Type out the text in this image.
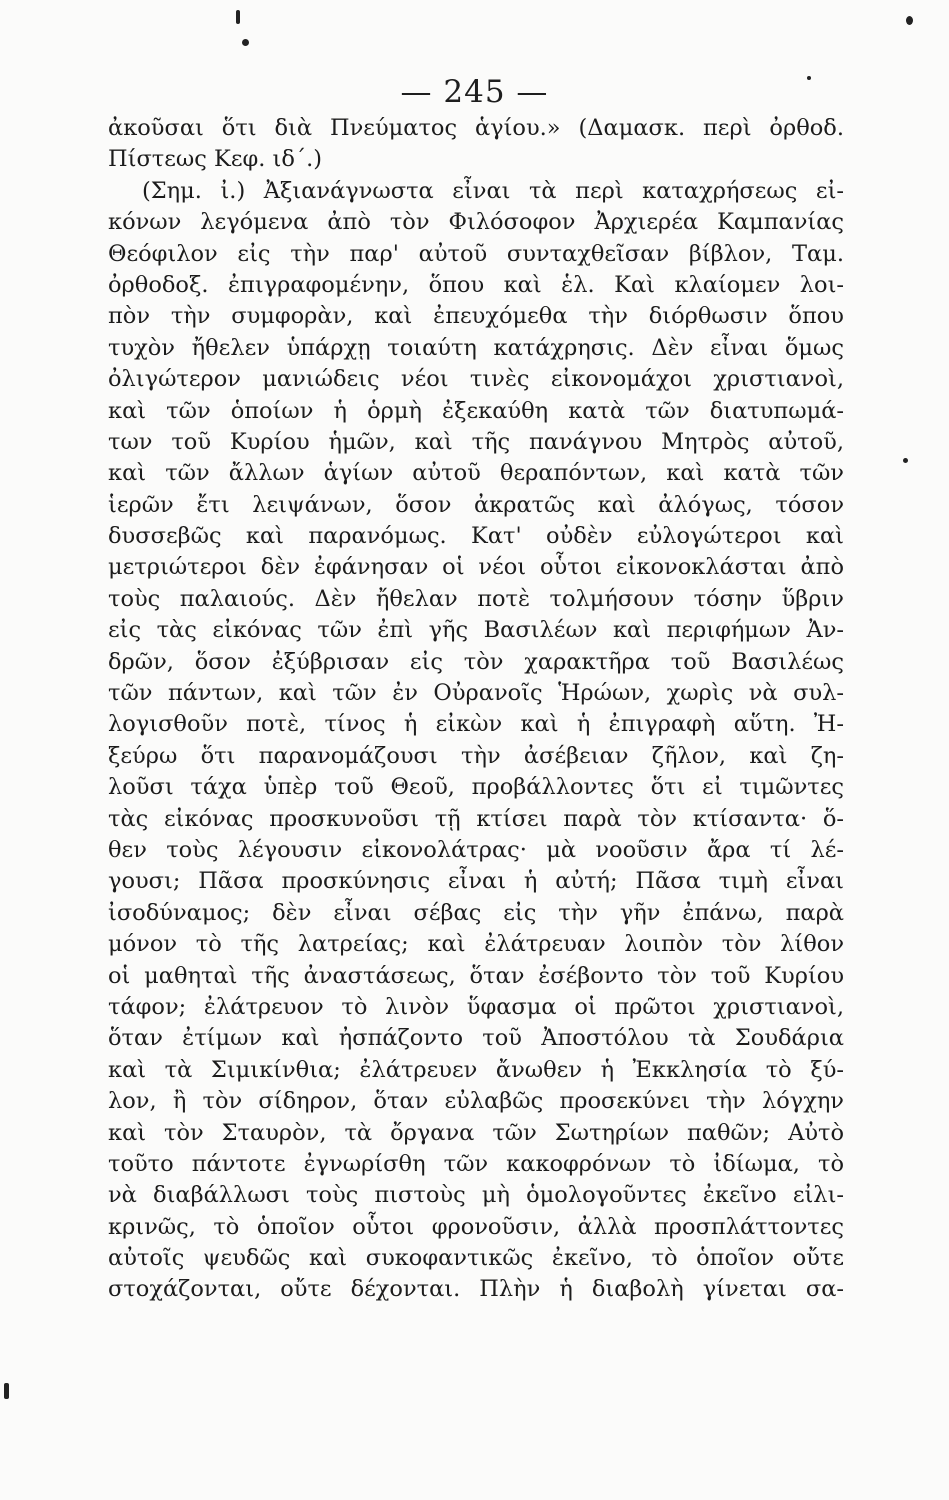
— 245 —
ἀκοῦσαι ὅτι διὰ Πνεύματος ἁγίου.» (Δαμασκ. περὶ ὀρθοδ.
Πίστεως Κεφ. ιδ΄.)
(Σημ. ἰ.) Ἀξιανάγνωστα εἶναι τὰ περὶ καταχρήσεως εἰ-
κόνων λεγόμενα ἀπὸ τὸν Φιλόσοφον Ἀρχιερέα Καμπανίας
Θεόφιλον εἰς τὴν παρ' αὐτοῦ συνταχθεῖσαν βίβλον, Ταμ.
ὀρθοδοξ. ἐπιγραφομένην, ὅπου καὶ ἑλ. Καὶ κλαίομεν λοι-
πὸν τὴν συμφορὰν, καὶ ἐπευχόμεθα τὴν διόρθωσιν ὅπου
τυχὸν ἤθελεν ὑπάρχῃ τοιαύτη κατάχρησις. Δὲν εἶναι ὅμως
ὀλιγώτερον μανιώδεις νέοι τινὲς εἰκονομάχοι χριστιανοὶ,
καὶ τῶν ὁποίων ἡ ὁρμὴ ἐξεκαύθη κατὰ τῶν διατυπωμά-
των τοῦ Κυρίου ἡμῶν, καὶ τῆς πανάγνου Μητρὸς αὐτοῦ,
καὶ τῶν ἄλλων ἁγίων αὐτοῦ θεραπόντων, καὶ κατὰ τῶν
ἱερῶν ἔτι λειψάνων, ὅσον ἀκρατῶς καὶ ἀλόγως, τόσον
δυσσεβῶς καὶ παρανόμως. Κατ' οὐδὲν εὐλογώτεροι καὶ
μετριώτεροι δὲν ἐφάνησαν οἱ νέοι οὗτοι εἰκονοκλάσται ἀπὸ
τοὺς παλαιούς. Δὲν ἤθελαν ποτὲ τολμήσουν τόσην ὕβριν
εἰς τὰς εἰκόνας τῶν ἐπὶ γῆς Βασιλέων καὶ περιφήμων Ἀν-
δρῶν, ὅσον ἐξύβρισαν εἰς τὸν χαρακτῆρα τοῦ Βασιλέως
τῶν πάντων, καὶ τῶν ἐν Οὐρανοῖς Ἡρώων, χωρὶς νὰ συλ-
λογισθοῦν ποτὲ, τίνος ἡ εἰκὼν καὶ ἡ ἐπιγραφὴ αὕτη. Ἠ-
ξεύρω ὅτι παρανομάζουσι τὴν ἀσέβειαν ζῆλον, καὶ ζη-
λοῦσι τάχα ὑπὲρ τοῦ Θεοῦ, προβάλλοντες ὅτι εἰ τιμῶντες
τὰς εἰκόνας προσκυνοῦσι τῇ κτίσει παρὰ τὸν κτίσαντα· ὅ-
θεν τοὺς λέγουσιν εἰκονολάτρας· μὰ νοοῦσιν ἄρα τί λέ-
γουσι; Πᾶσα προσκύνησις εἶναι ἡ αὐτή; Πᾶσα τιμὴ εἶναι
ἰσοδύναμος; δὲν εἶναι σέβας εἰς τὴν γῆν ἐπάνω, παρὰ
μόνον τὸ τῆς λατρείας; καὶ ἐλάτρευαν λοιπὸν τὸν λίθον
οἱ μαθηταὶ τῆς ἀναστάσεως, ὅταν ἐσέβοντο τὸν τοῦ Κυρίου
τάφον; ἐλάτρευον τὸ λινὸν ὕφασμα οἱ πρῶτοι χριστιανοὶ,
ὅταν ἐτίμων καὶ ἠσπάζοντο τοῦ Ἀποστόλου τὰ Σουδάρια
καὶ τὰ Σιμικίνθια; ἐλάτρευεν ἄνωθεν ἡ Ἐκκλησία τὸ ξύ-
λον, ἢ τὸν σίδηρον, ὅταν εὐλαβῶς προσεκύνει τὴν λόγχην
καὶ τὸν Σταυρὸν, τὰ ὄργανα τῶν Σωτηρίων παθῶν; Αὐτὸ
τοῦτο πάντοτε ἐγνωρίσθη τῶν κακοφρόνων τὸ ἰδίωμα, τὸ
νὰ διαβάλλωσι τοὺς πιστοὺς μὴ ὁμολογοῦντες ἐκεῖνο εἰλι-
κρινῶς, τὸ ὁποῖον οὗτοι φρονοῦσιν, ἀλλὰ προσπλάττοντες
αὐτοῖς ψευδῶς καὶ συκοφαντικῶς ἐκεῖνο, τὸ ὁποῖον οὔτε
στοχάζονται, οὔτε δέχονται. Πλὴν ἡ διαβολὴ γίνεται σα-
